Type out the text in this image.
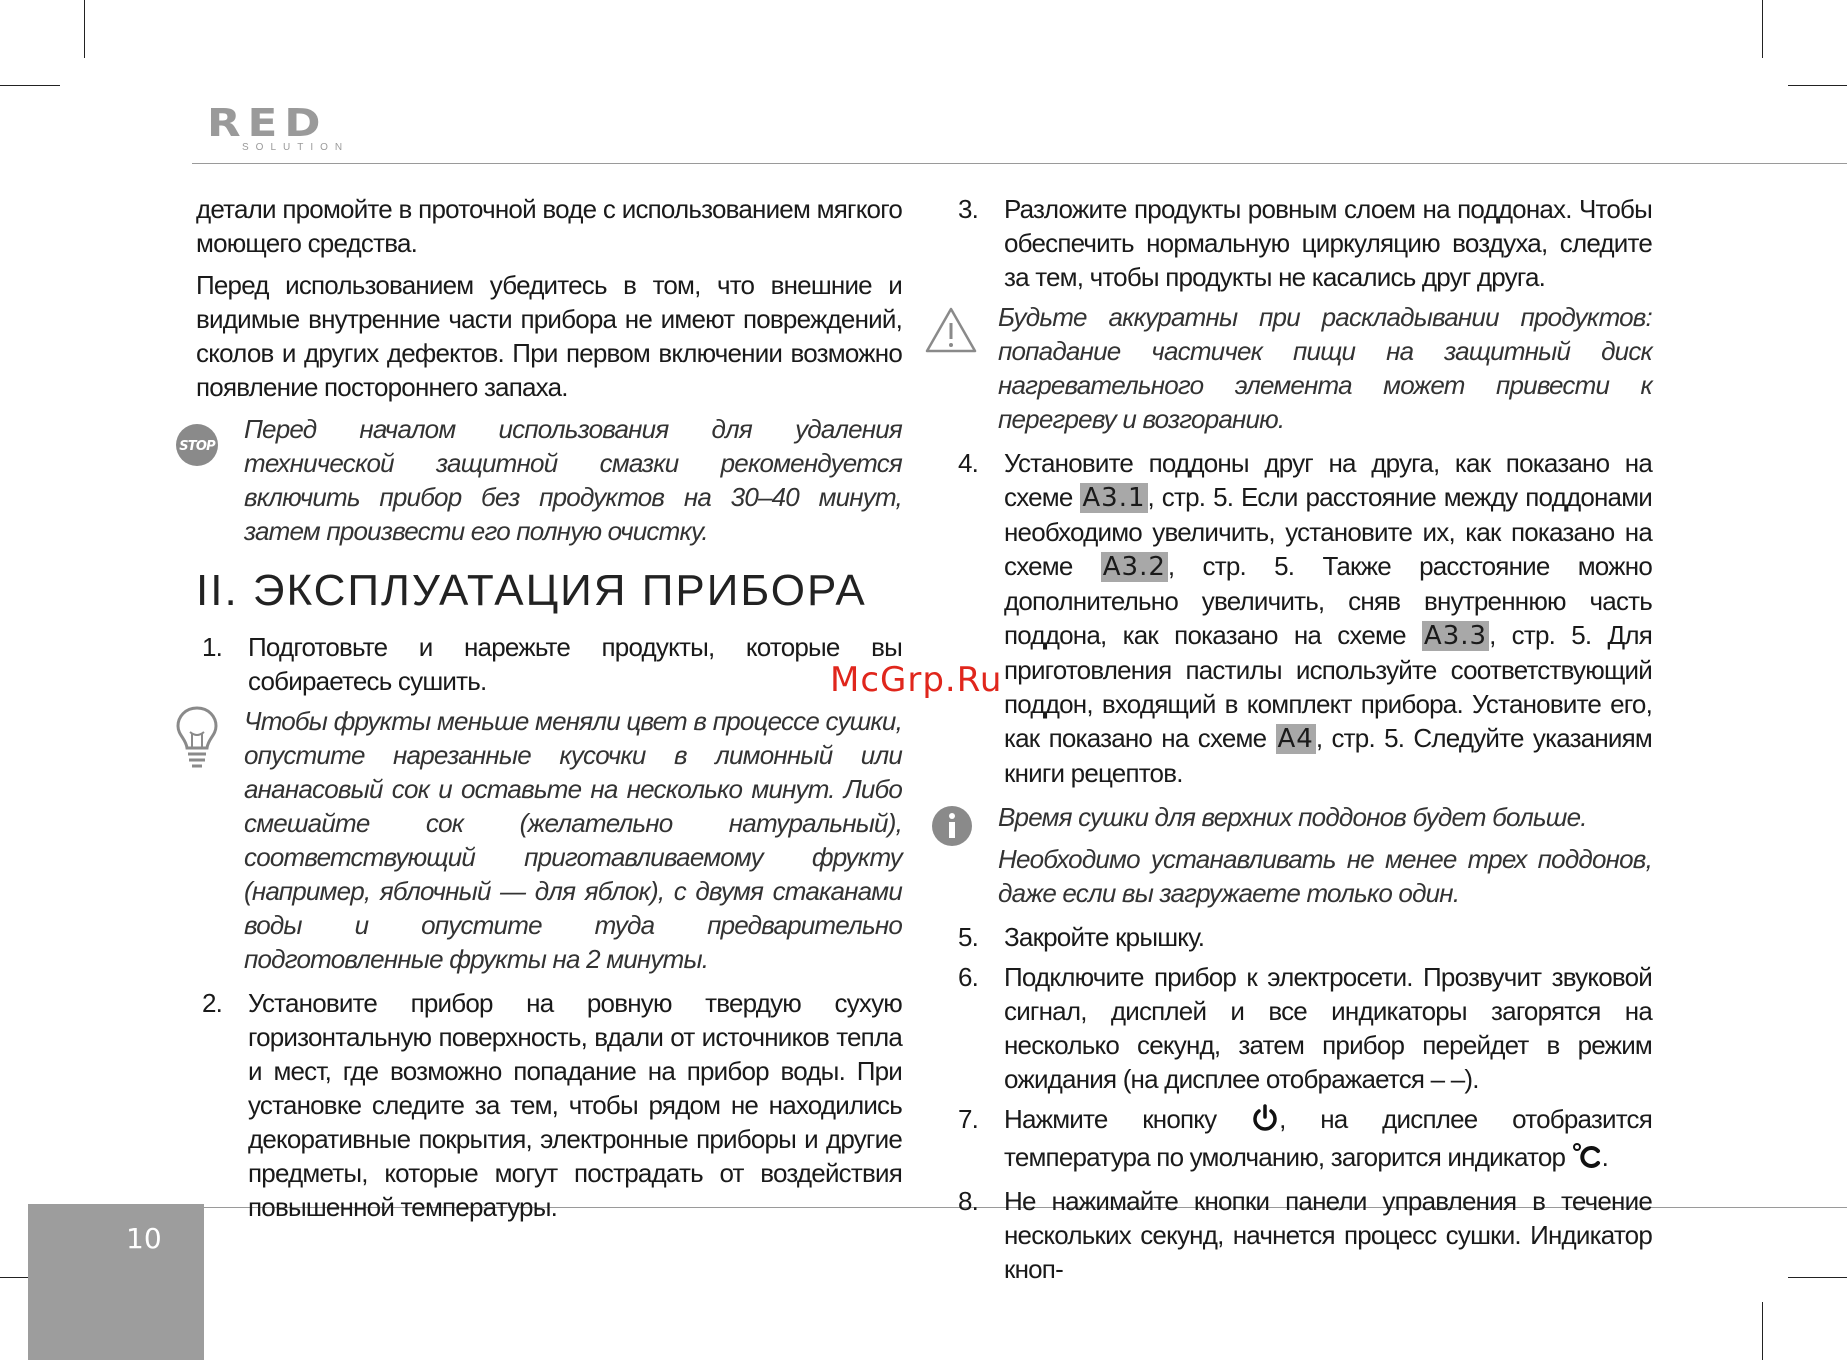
RED
SOLUTION

детали промойте в проточной воде с использованием мягкого моющего средства.

Перед использованием убедитесь в том, что внешние и видимые внутренние части прибора не имеют повреждений, сколов и других дефектов. При первом включении возможно появление постороннего запаха.

STOP
Перед началом использования для удаления технической защитной смазки рекомендуется включить прибор без продуктов на 30–40 минут, затем произвести его полную очистку.
II. ЭКСПЛУАТАЦИЯ ПРИБОРА
1. Подготовьте и нарежьте продукты, которые вы собираетесь сушить.
Чтобы фрукты меньше меняли цвет в процессе сушки, опустите нарезанные кусочки в лимонный или ананасовый сок и оставьте на несколько минут. Либо смешайте сок (желательно натуральный), соответствующий приготавливаемому фрукту (например, яблочный — для яблок), с двумя стаканами воды и опустите туда предварительно подготовленные фрукты на 2 минуты.
2. Установите прибор на ровную твердую сухую горизонтальную поверхность, вдали от источников тепла и мест, где возможно попадание на прибор воды. При установке следите за тем, чтобы рядом не находились декоративные покрытия, электронные приборы и другие предметы, которые могут пострадать от воздействия повышенной температуры.
3. Разложите продукты ровным слоем на поддонах. Чтобы обеспечить нормальную циркуляцию воздуха, следите за тем, чтобы продукты не касались друг друга.
Будьте аккуратны при раскладывании продуктов: попадание частичек пищи на защитный диск нагревательного элемента может привести к перегреву и возгоранию.
4. Установите поддоны друг на друга, как показано на схеме A3.1, стр. 5. Если расстояние между поддонами необходимо увеличить, установите их, как показано на схеме A3.2, стр. 5. Также расстояние можно дополнительно увеличить, сняв внутреннюю часть поддона, как показано на схеме A3.3, стр. 5. Для приготовления пастилы используйте соответствующий поддон, входящий в комплект прибора. Установите его, как показано на схеме A4, стр. 5. Следуйте указаниям книги рецептов.
Время сушки для верхних поддонов будет больше.
Необходимо устанавливать не менее трех поддонов, даже если вы загружаете только один.
5. Закройте крышку.
6. Подключите прибор к электросети. Прозвучит звуковой сигнал, дисплей и все индикаторы загорятся на несколько секунд, затем прибор перейдет в режим ожидания (на дисплее отображается – –).
7. Нажмите кнопку , на дисплее отобразится температура по умолчанию, загорится индикатор .
8. Не нажимайте кнопки панели управления в течение нескольких секунд, начнется процесс сушки. Индикатор кноп-
McGrp.Ru
10
